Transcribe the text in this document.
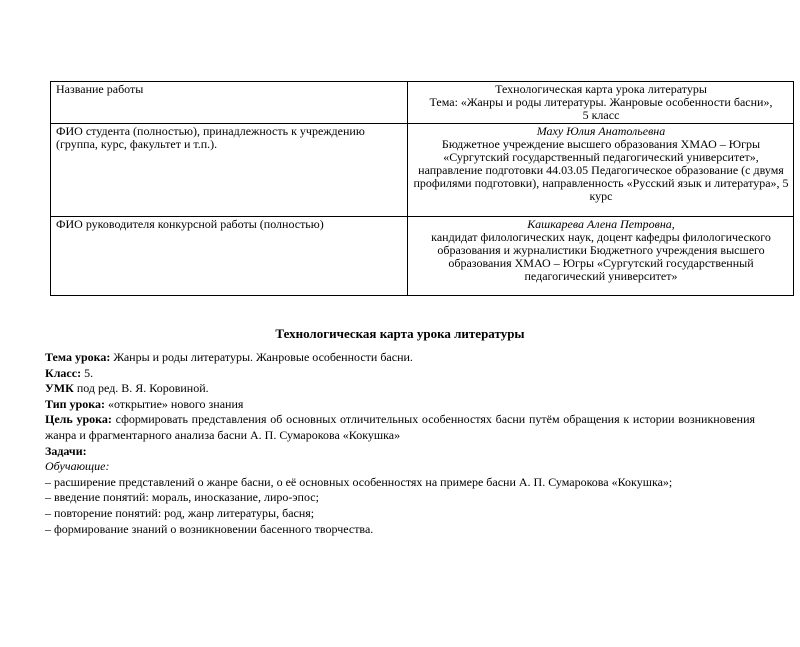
Название работы	Технологическая карта урока литературы
Тема: «Жанры и роды литературы. Жанровые особенности басни»,
5 класс

ФИО студента (полностью), принадлежность к учреждению (группа, курс, факультет и т.п.).	Маху Юлия Анатольевна
Бюджетное учреждение высшего образования ХМАО – Югры «Сургутский государственный педагогический университет», направление подготовки 44.03.05 Педагогическое образование (с двумя профилями подготовки), направленность «Русский язык и литература», 5 курс

ФИО руководителя конкурсной работы (полностью)	Кашкарева Алена Петровна,
кандидат филологических наук, доцент кафедры филологического образования и журналистики Бюджетного учреждения высшего образования ХМАО – Югры «Сургутский государственный педагогический университет»
Технологическая карта урока литературы

Тема урока: Жанры и роды литературы. Жанровые особенности басни.

Класс: 5.

УМК под ред. В. Я. Коровиной.

Тип урока: «открытие» нового знания

Цель урока: сформировать представления об основных отличительных особенностях басни путём обращения к истории возникновения жанра и фрагментарного анализа басни А. П. Сумарокова «Кокушка»

Задачи:

Обучающие:

– расширение представлений о жанре басни, о её основных особенностях на примере басни А. П. Сумарокова «Кокушка»;

– введение понятий: мораль, иносказание, лиро-эпос;

– повторение понятий: род, жанр литературы, басня;

– формирование знаний о возникновении басенного творчества.
